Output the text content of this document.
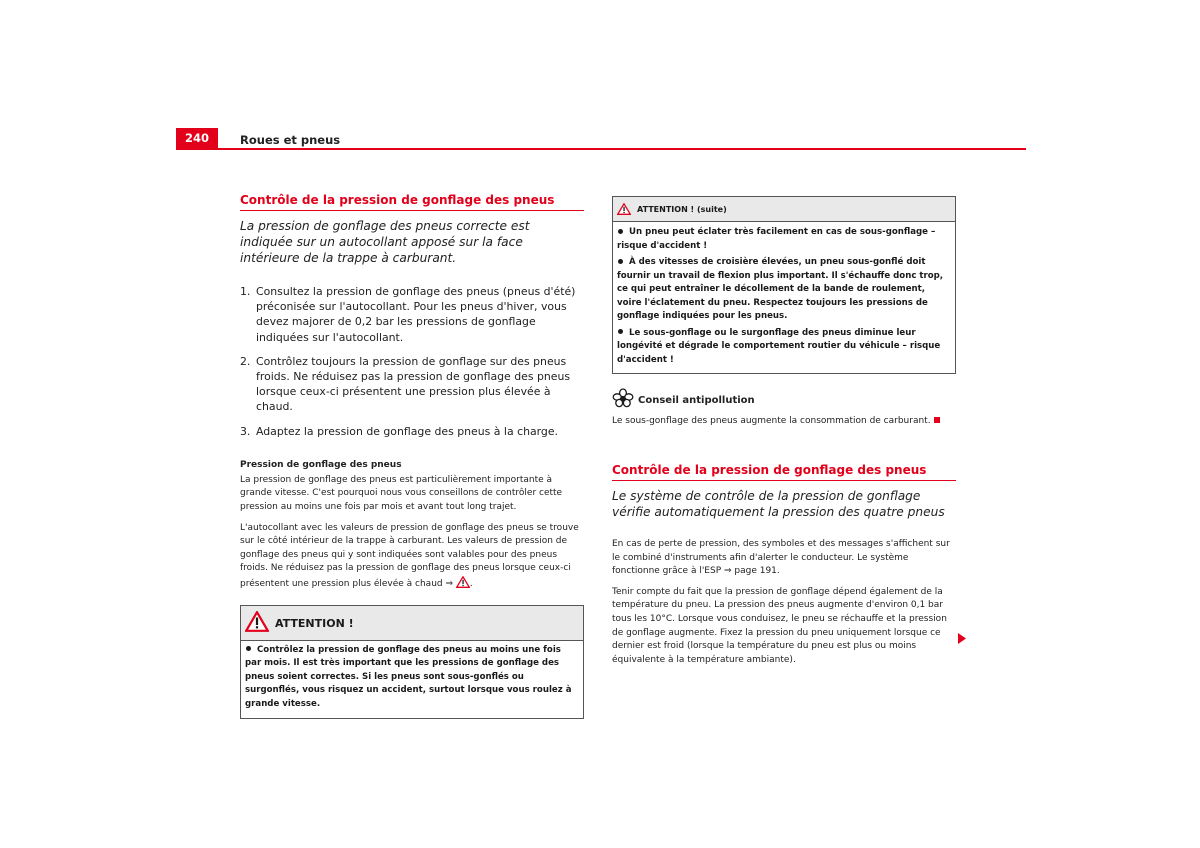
240	Roues et pneus
Contrôle de la pression de gonflage des pneus

La pression de gonflage des pneus correcte est indiquée sur un autocollant apposé sur la face intérieure de la trappe à carburant.

1. Consultez la pression de gonflage des pneus (pneus d'été) préconisée sur l'autocollant. Pour les pneus d'hiver, vous devez majorer de 0,2 bar les pressions de gonflage indiquées sur l'autocollant.
2. Contrôlez toujours la pression de gonflage sur des pneus froids. Ne réduisez pas la pression de gonflage des pneus lorsque ceux-ci présentent une pression plus élevée à chaud.
3. Adaptez la pression de gonflage des pneus à la charge.
Pression de gonflage des pneus

La pression de gonflage des pneus est particulièrement importante à grande vitesse. C'est pourquoi nous vous conseillons de contrôler cette pression au moins une fois par mois et avant tout long trajet.

L'autocollant avec les valeurs de pression de gonflage des pneus se trouve sur le côté intérieur de la trappe à carburant. Les valeurs de pression de gonflage des pneus qui y sont indiquées sont valables pour des pneus froids. Ne réduisez pas la pression de gonflage des pneus lorsque ceux-ci présentent une pression plus élevée à chaud ⇒ .

ATTENTION !

Contrôlez la pression de gonflage des pneus au moins une fois par mois. Il est très important que les pressions de gonflage des pneus soient correctes. Si les pneus sont sous-gonflés ou surgonflés, vous risquez un accident, surtout lorsque vous roulez à grande vitesse.

ATTENTION ! (suite)

Un pneu peut éclater très facilement en cas de sous-gonflage – risque d'accident !

À des vitesses de croisière élevées, un pneu sous-gonflé doit fournir un travail de flexion plus important. Il s'échauffe donc trop, ce qui peut entraîner le décollement de la bande de roulement, voire l'éclatement du pneu. Respectez toujours les pressions de gonflage indiquées pour les pneus.

Le sous-gonflage ou le surgonflage des pneus diminue leur longévité et dégrade le comportement routier du véhicule – risque d'accident !

Conseil antipollution

Le sous-gonflage des pneus augmente la consommation de carburant.

Contrôle de la pression de gonflage des pneus

Le système de contrôle de la pression de gonflage vérifie automatiquement la pression des quatre pneus

En cas de perte de pression, des symboles et des messages s'affichent sur le combiné d'instruments afin d'alerter le conducteur. Le système fonctionne grâce à l'ESP ⇒ page 191.

Tenir compte du fait que la pression de gonflage dépend également de la température du pneu. La pression des pneus augmente d'environ 0,1 bar tous les 10°C. Lorsque vous conduisez, le pneu se réchauffe et la pression de gonflage augmente. Fixez la pression du pneu uniquement lorsque ce dernier est froid (lorsque la température du pneu est plus ou moins équivalente à la température ambiante).
